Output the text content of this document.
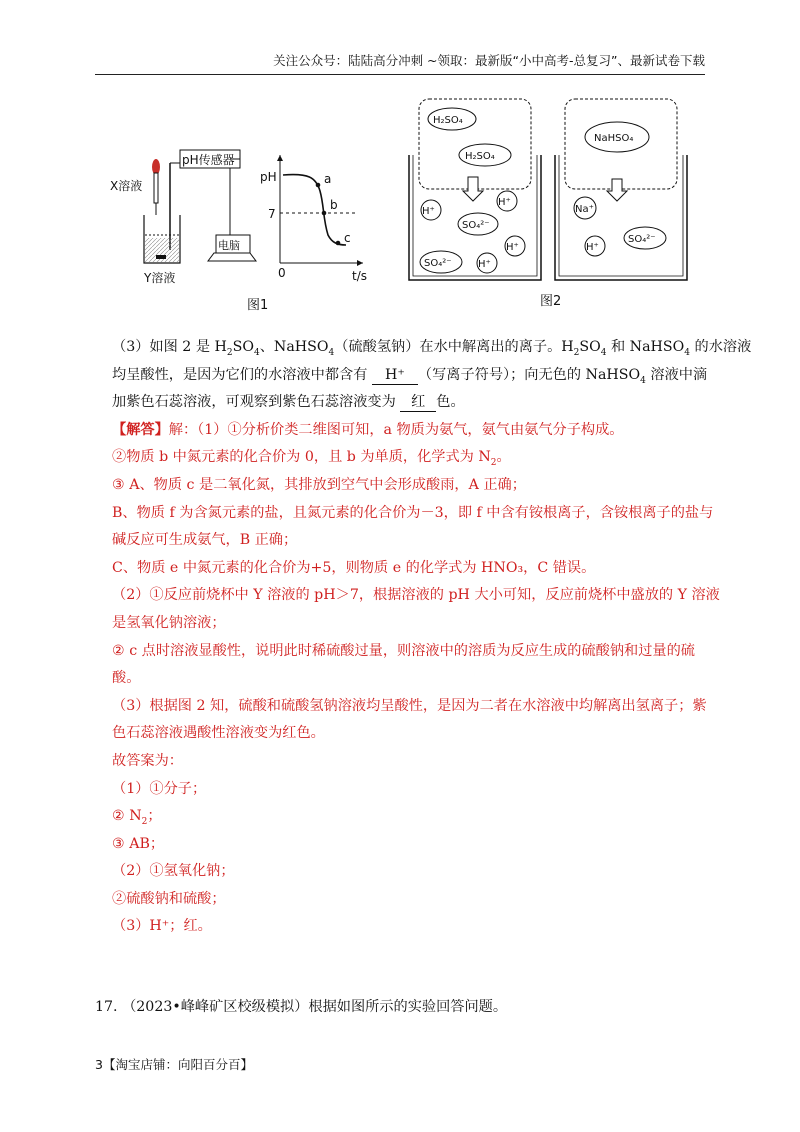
关注公众号：陆陆高分冲刺 ~领取：最新版“小中高考-总复习”、最新试卷下载
X溶液
pH传感器
Y溶液
电脑
pH
7
0	t/s
a
b
c
图1
H₂SO₄
H₂SO₄
H⁺
H⁺
SO₄²⁻
H⁺
SO₄²⁻	H⁺
NaHSO₄
Na⁺
SO₄²⁻
H⁺
图2
（3）如图 2 是 $H_2SO_4$、NaHSO$_4$（硫酸氢钠）在水中解离出的离子。$H_2SO_4$ 和 NaHSO$_4$ 的水溶液
均呈酸性，是因为它们的水溶液中都含有 H⁺ （写离子符号）；向无色的 NaHSO$_4$ 溶液中滴
加紫色石蕊溶液，可观察到紫色石蕊溶液变为 红 色。
【解答】解：（1）①分析价类二维图可知，a 物质为氨气，氨气由氨气分子构成。
②物质 b 中氮元素的化合价为 0，且 b 为单质，化学式为 $N_2$。
③ A、物质 c 是二氧化氮，其排放到空气中会形成酸雨，A 正确；
B、物质 f 为含氮元素的盐，且氮元素的化合价为－3，即 f 中含有铵根离子，含铵根离子的盐与
碱反应可生成氨气，B 正确；
C、物质 e 中氮元素的化合价为+5，则物质 e 的化学式为 HNO₃，C 错误。
（2）①反应前烧杯中 Y 溶液的 pH＞7，根据溶液的 pH 大小可知，反应前烧杯中盛放的 Y 溶液
是氢氧化钠溶液；
② c 点时溶液显酸性，说明此时稀硫酸过量，则溶液中的溶质为反应生成的硫酸钠和过量的硫
酸。
（3）根据图 2 知，硫酸和硫酸氢钠溶液均呈酸性，是因为二者在水溶液中均解离出氢离子；紫
色石蕊溶液遇酸性溶液变为红色。
故答案为：
（1）①分子；
② $N_2$；
③ AB；
（2）①氢氧化钠；
②硫酸钠和硫酸；
（3）H⁺；红。
17. （2023•峰峰矿区校级模拟）根据如图所示的实验回答问题。
3【淘宝店铺：向阳百分百】
